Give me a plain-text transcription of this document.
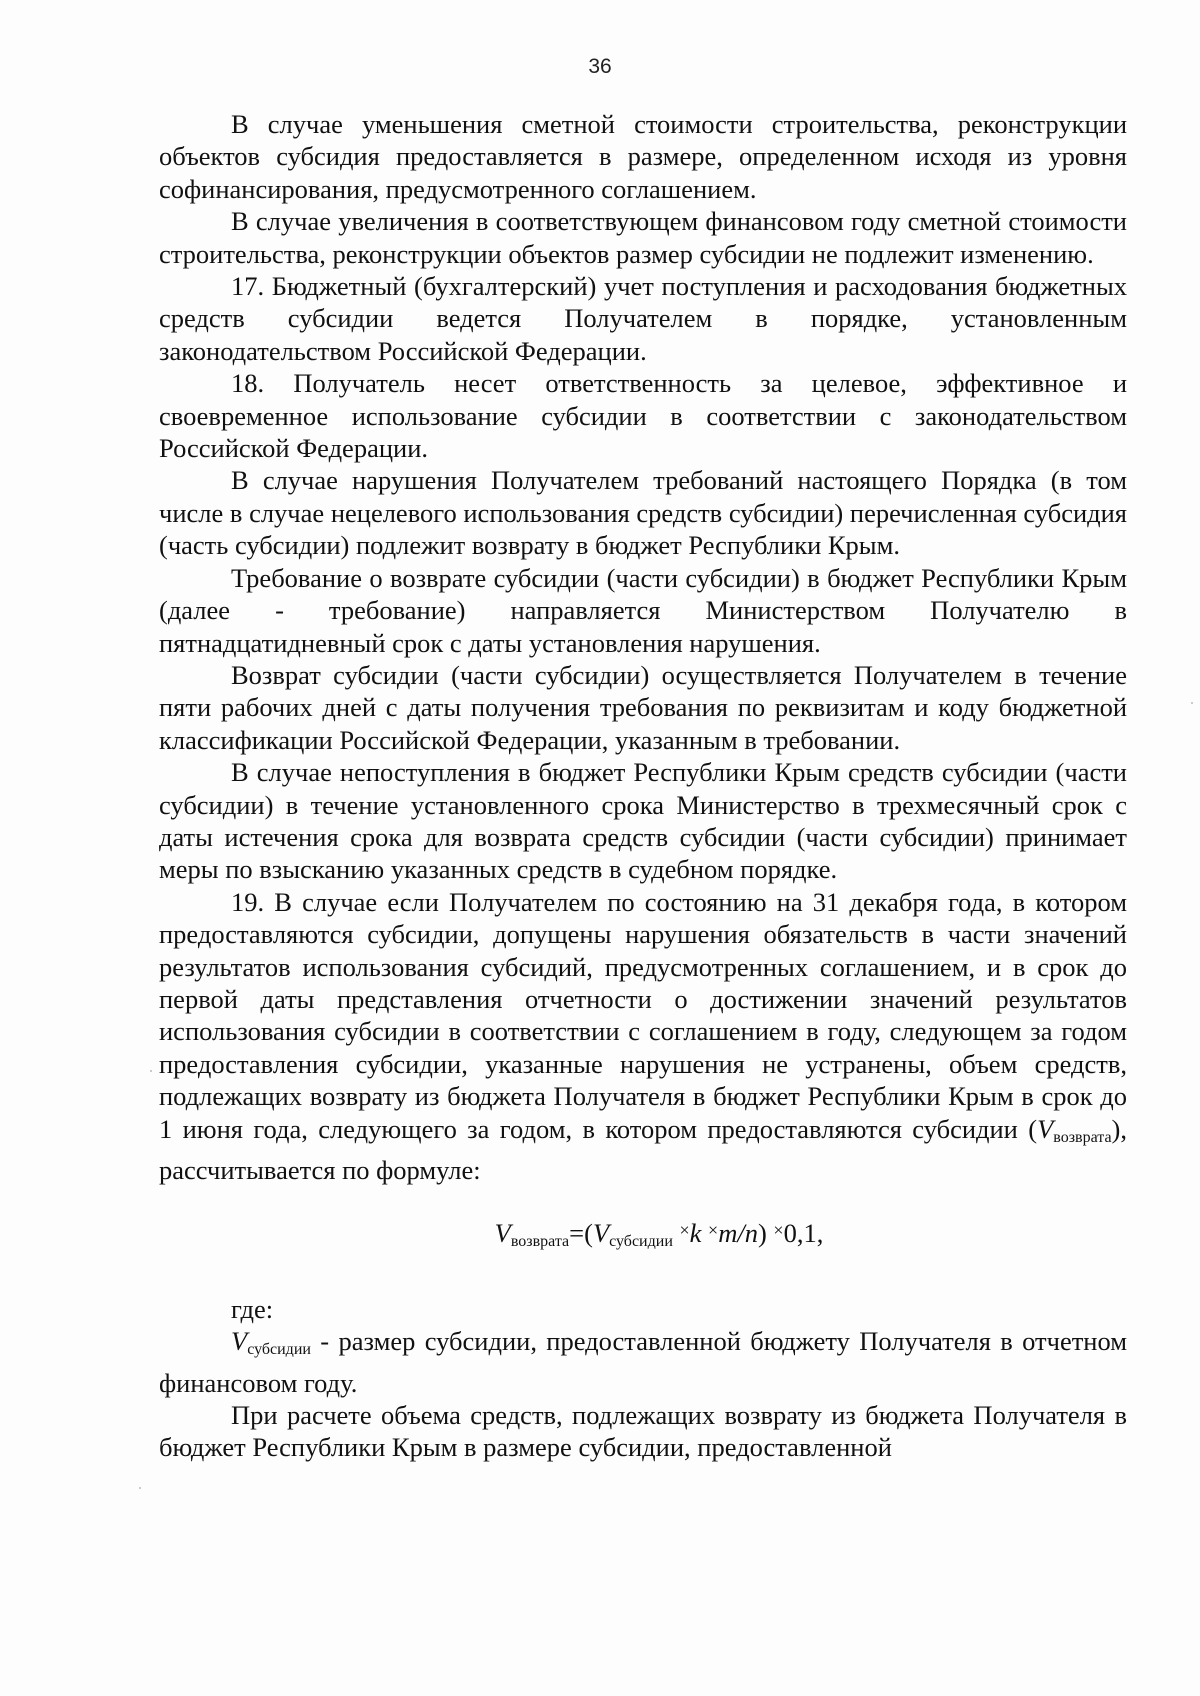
36

В случае уменьшения сметной стоимости строительства, реконструкции объектов субсидия предоставляется в размере, определенном исходя из уровня софинансирования, предусмотренного соглашением.

В случае увеличения в соответствующем финансовом году сметной стоимости строительства, реконструкции объектов размер субсидии не подлежит изменению.

17. Бюджетный (бухгалтерский) учет поступления и расходования бюджетных средств субсидии ведется Получателем в порядке, установленным законодательством Российской Федерации.

18. Получатель несет ответственность за целевое, эффективное и своевременное использование субсидии в соответствии с законодательством Российской Федерации.

В случае нарушения Получателем требований настоящего Порядка (в том числе в случае нецелевого использования средств субсидии) перечисленная субсидия (часть субсидии) подлежит возврату в бюджет Республики Крым.

Требование о возврате субсидии (части субсидии) в бюджет Республики Крым (далее - требование) направляется Министерством Получателю в пятнадцатидневный срок с даты установления нарушения.

Возврат субсидии (части субсидии) осуществляется Получателем в течение пяти рабочих дней с даты получения требования по реквизитам и коду бюджетной классификации Российской Федерации, указанным в требовании.

В случае непоступления в бюджет Республики Крым средств субсидии (части субсидии) в течение установленного срока Министерство в трехмесячный срок с даты истечения срока для возврата средств субсидии (части субсидии) принимает меры по взысканию указанных средств в судебном порядке.

19. В случае если Получателем по состоянию на 31 декабря года, в котором предоставляются субсидии, допущены нарушения обязательств в части значений результатов использования субсидий, предусмотренных соглашением, и в срок до первой даты представления отчетности о достижении значений результатов использования субсидии в соответствии с соглашением в году, следующем за годом предоставления субсидии, указанные нарушения не устранены, объем средств, подлежащих возврату из бюджета Получателя в бюджет Республики Крым в срок до 1 июня года, следующего за годом, в котором предоставляются субсидии $(V_{возврата})$, рассчитывается по формуле:

$V_{возврата}=(V_{субсидии}$ ×k ×m/n) ×0,1,

где:

$V_{субсидии}$ - размер субсидии, предоставленной бюджету Получателя в отчетном финансовом году.

При расчете объема средств, подлежащих возврату из бюджета Получателя в бюджет Республики Крым в размере субсидии, предоставленной
